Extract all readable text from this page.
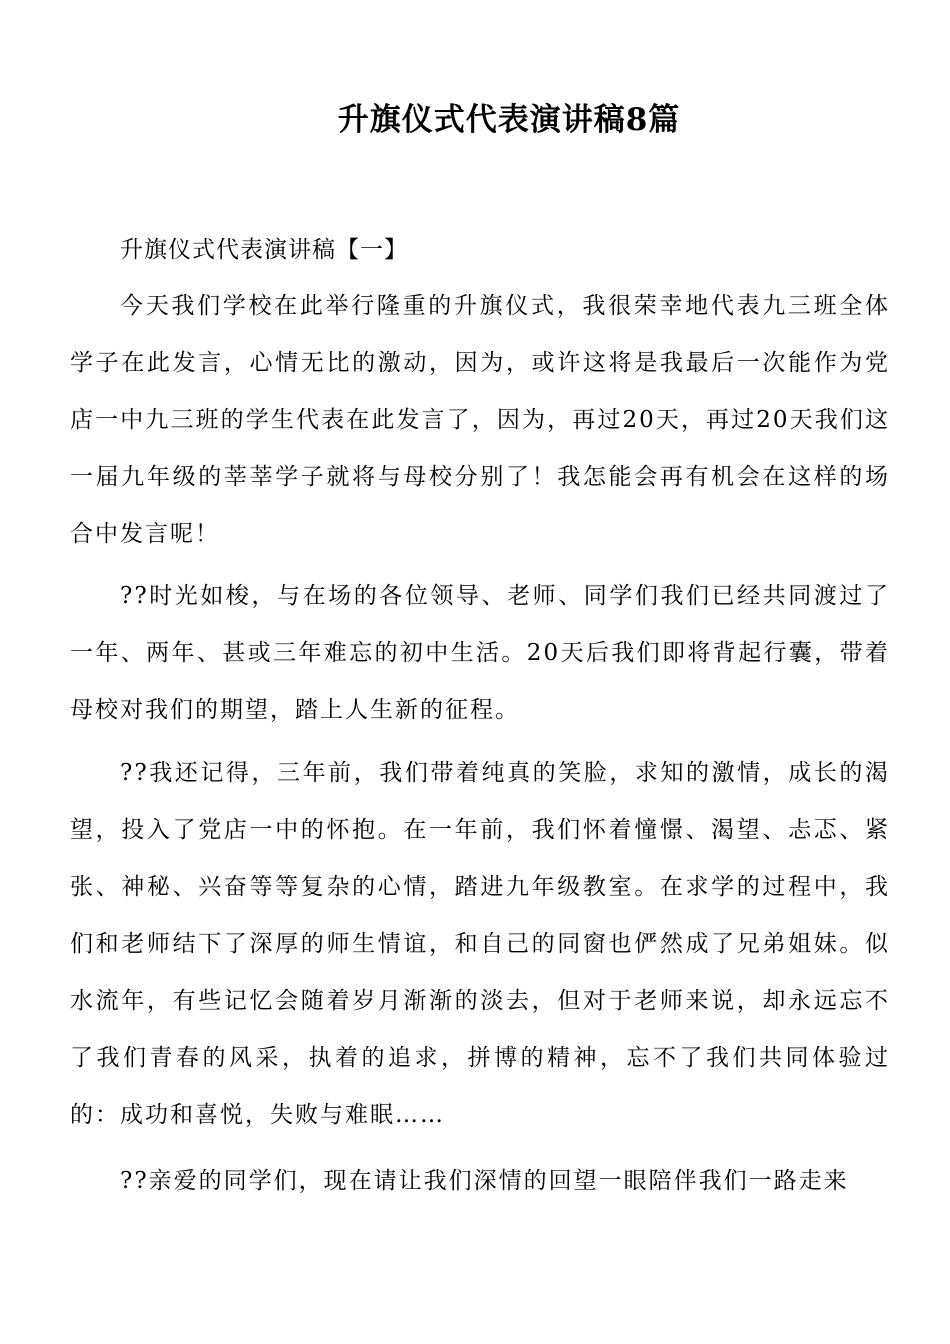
升旗仪式代表演讲稿8篇

升旗仪式代表演讲稿【一】

今天我们学校在此举行隆重的升旗仪式，我很荣幸地代表九三班全体学子在此发言，心情无比的激动，因为，或许这将是我最后一次能作为党店一中九三班的学生代表在此发言了，因为，再过20天，再过20天我们这一届九年级的莘莘学子就将与母校分别了！我怎能会再有机会在这样的场合中发言呢！

??时光如梭，与在场的各位领导、老师、同学们我们已经共同渡过了一年、两年、甚或三年难忘的初中生活。20天后我们即将背起行囊，带着母校对我们的期望，踏上人生新的征程。

??我还记得，三年前，我们带着纯真的笑脸，求知的激情，成长的渴望，投入了党店一中的怀抱。在一年前，我们怀着憧憬、渴望、忐忑、紧张、神秘、兴奋等等复杂的心情，踏进九年级教室。在求学的过程中，我们和老师结下了深厚的师生情谊，和自己的同窗也俨然成了兄弟姐妹。似水流年，有些记忆会随着岁月渐渐的淡去，但对于老师来说，却永远忘不了我们青春的风采，执着的追求，拼博的精神，忘不了我们共同体验过的：成功和喜悦，失败与难眠……

??亲爱的同学们，现在请让我们深情的回望一眼陪伴我们一路走来
